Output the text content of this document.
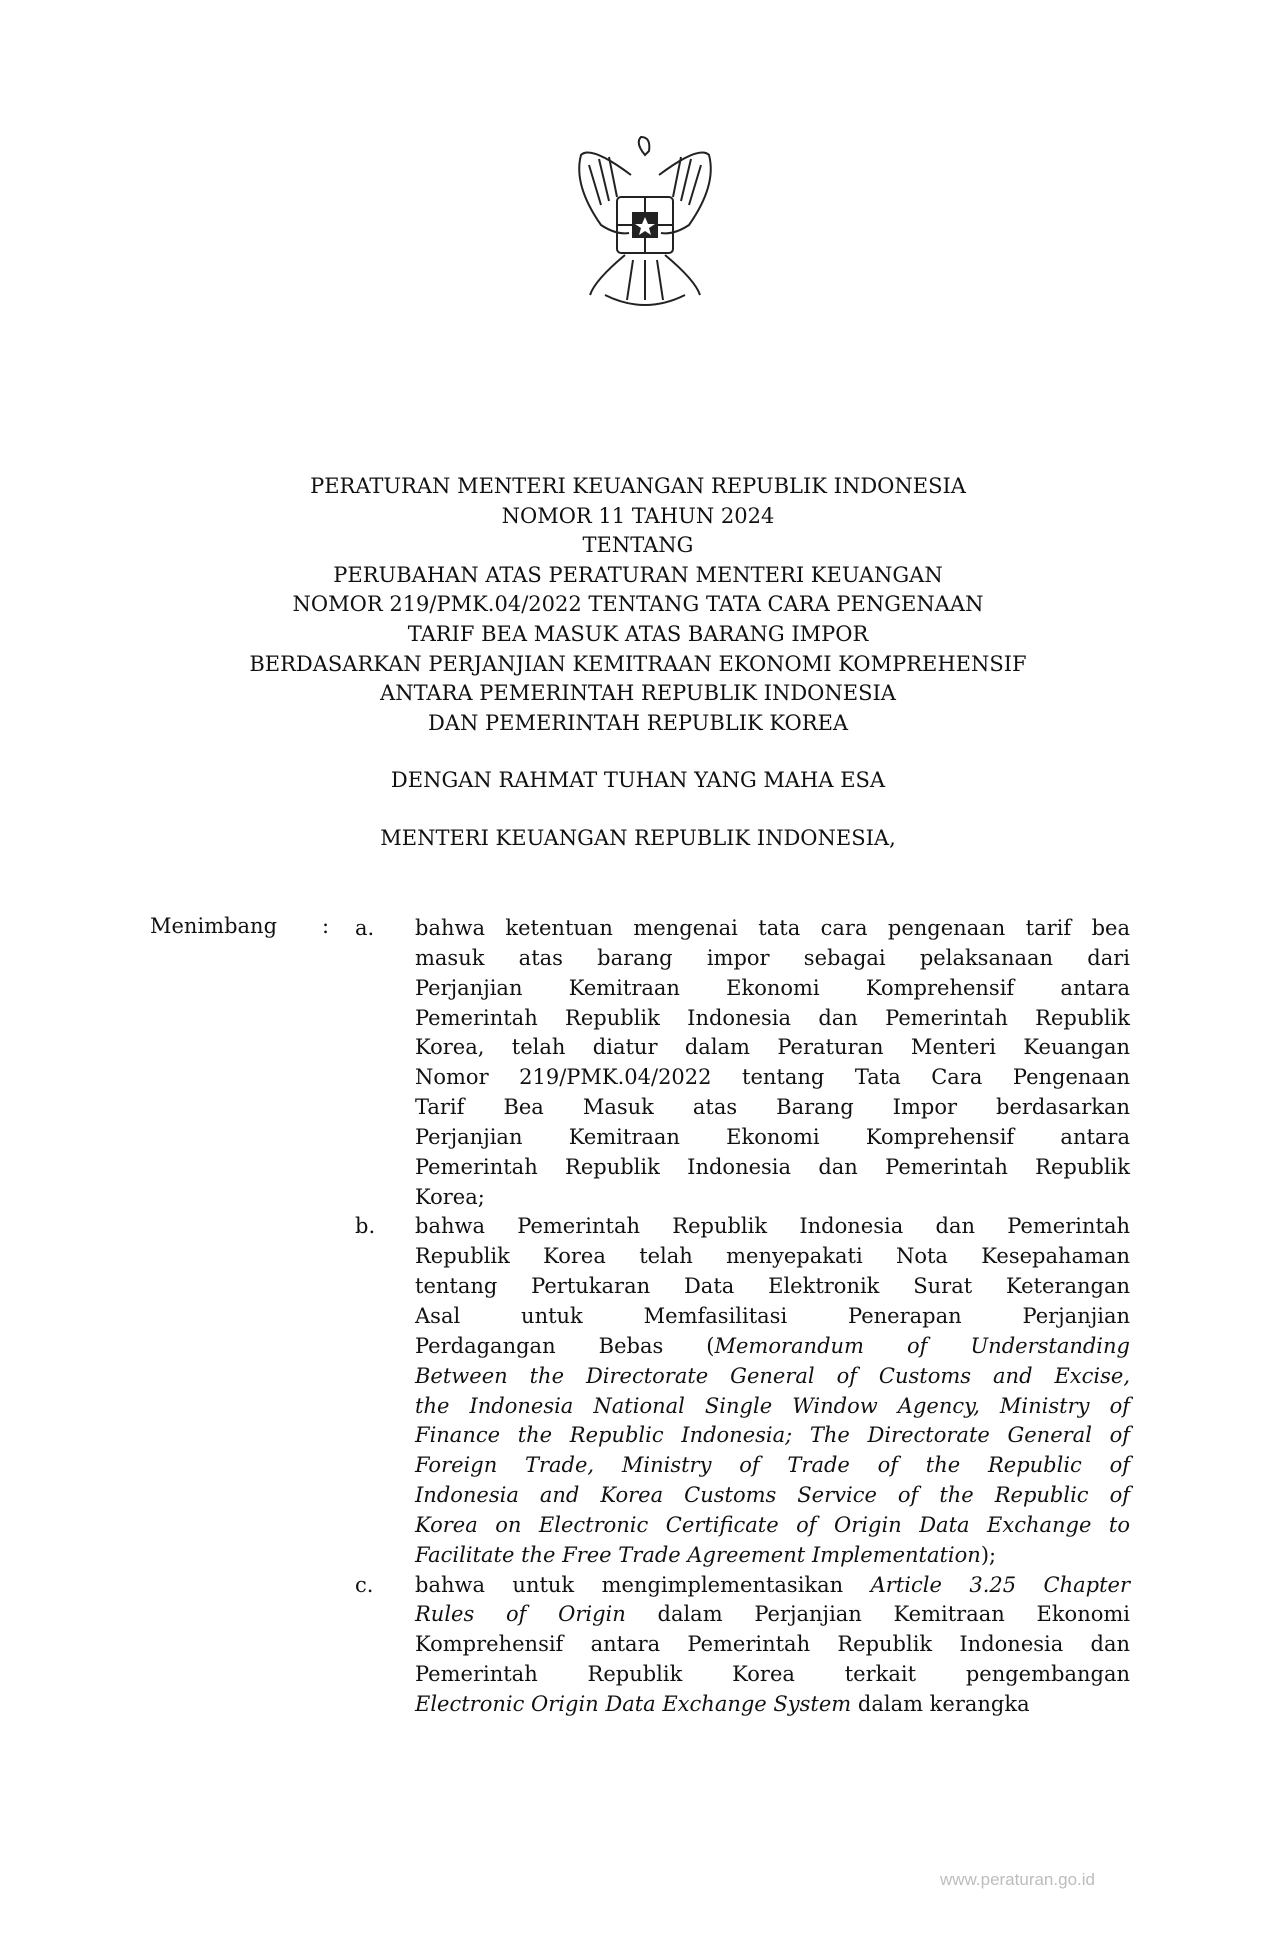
PERATURAN MENTERI KEUANGAN REPUBLIK INDONESIA
NOMOR 11 TAHUN 2024
TENTANG
PERUBAHAN ATAS PERATURAN MENTERI KEUANGAN
NOMOR 219/PMK.04/2022 TENTANG TATA CARA PENGENAAN
TARIF BEA MASUK ATAS BARANG IMPOR
BERDASARKAN PERJANJIAN KEMITRAAN EKONOMI KOMPREHENSIF
ANTARA PEMERINTAH REPUBLIK INDONESIA
DAN PEMERINTAH REPUBLIK KOREA
DENGAN RAHMAT TUHAN YANG MAHA ESA
MENTERI KEUANGAN REPUBLIK INDONESIA,
Menimbang : a. bahwa ketentuan mengenai tata cara pengenaan tarif bea
masuk atas barang impor sebagai pelaksanaan dari
Perjanjian Kemitraan Ekonomi Komprehensif antara
Pemerintah Republik Indonesia dan Pemerintah Republik
Korea, telah diatur dalam Peraturan Menteri Keuangan
Nomor 219/PMK.04/2022 tentang Tata Cara Pengenaan
Tarif Bea Masuk atas Barang Impor berdasarkan
Perjanjian Kemitraan Ekonomi Komprehensif antara
Pemerintah Republik Indonesia dan Pemerintah Republik
Korea;
b. bahwa Pemerintah Republik Indonesia dan Pemerintah
Republik Korea telah menyepakati Nota Kesepahaman
tentang Pertukaran Data Elektronik Surat Keterangan
Asal untuk Memfasilitasi Penerapan Perjanjian
Perdagangan Bebas (Memorandum of Understanding
Between the Directorate General of Customs and Excise,
the Indonesia National Single Window Agency, Ministry of
Finance the Republic Indonesia; The Directorate General of
Foreign Trade, Ministry of Trade of the Republic of
Indonesia and Korea Customs Service of the Republic of
Korea on Electronic Certificate of Origin Data Exchange to
Facilitate the Free Trade Agreement Implementation);
c. bahwa untuk mengimplementasikan Article 3.25 Chapter
Rules of Origin dalam Perjanjian Kemitraan Ekonomi
Komprehensif antara Pemerintah Republik Indonesia dan
Pemerintah Republik Korea terkait pengembangan
Electronic Origin Data Exchange System dalam kerangka
www.peraturan.go.id
